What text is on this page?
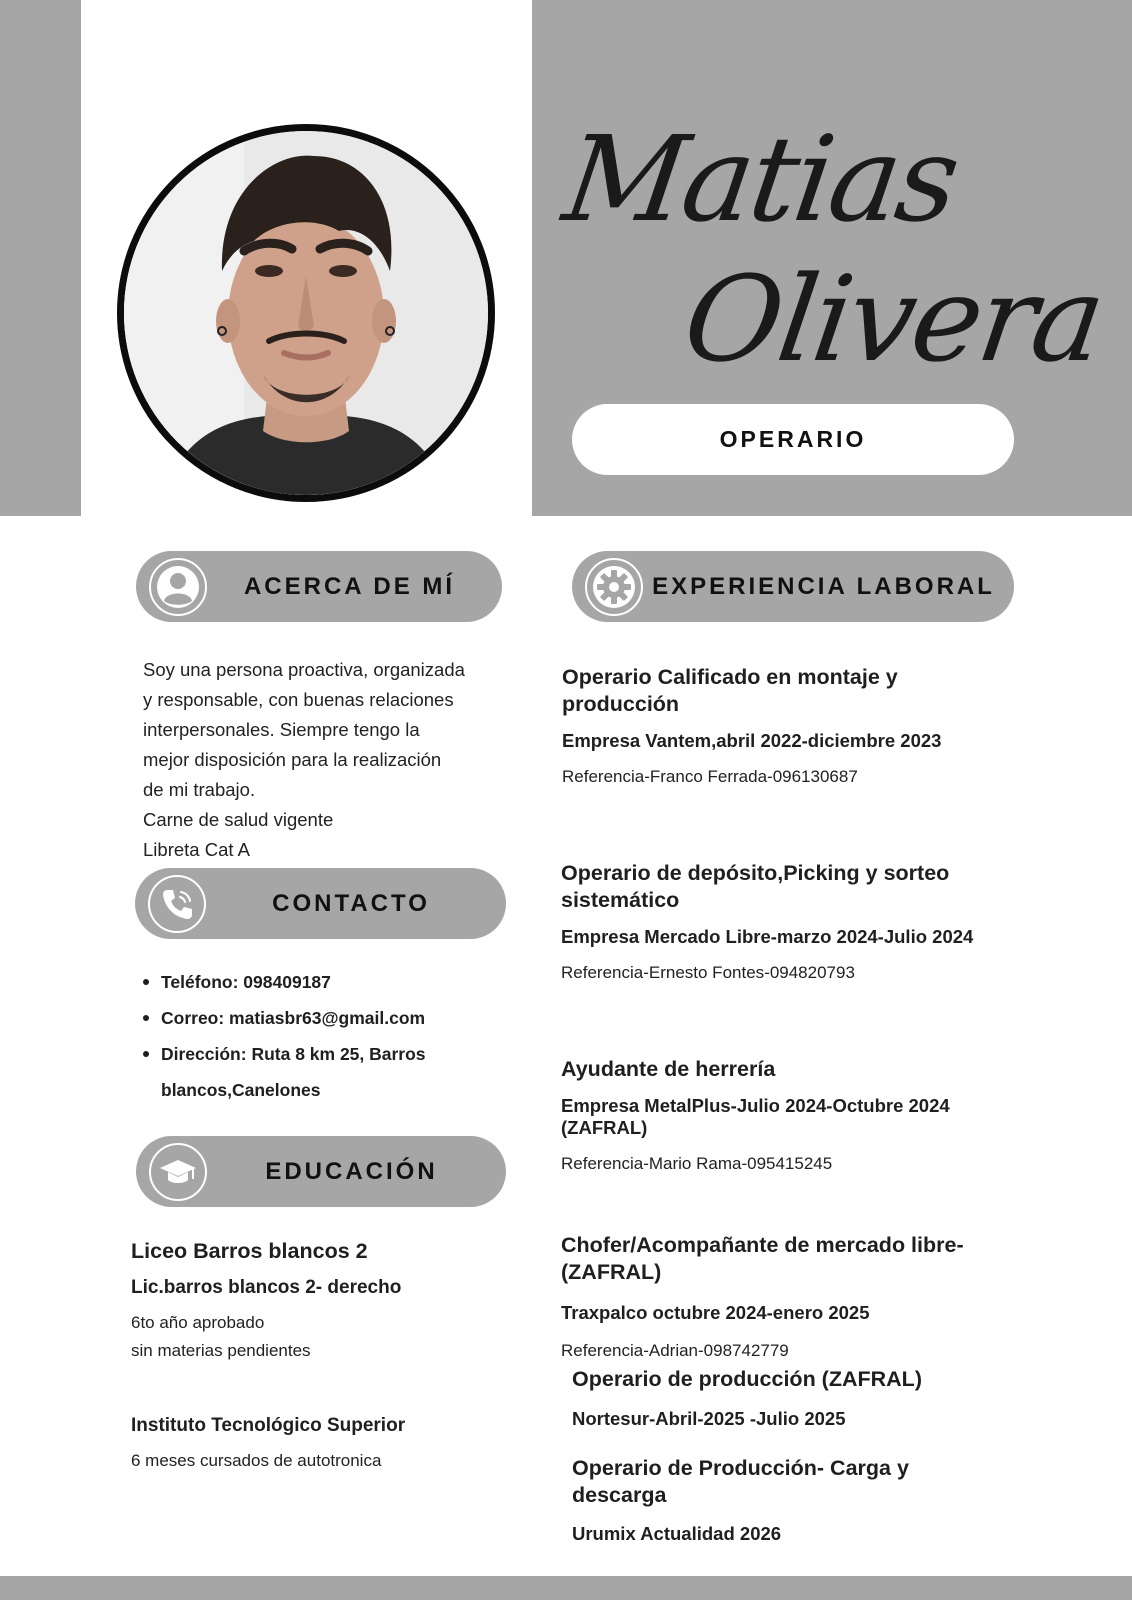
Matias
Olivera
OPERARIO
ACERCA DE MÍ

Soy una persona proactiva, organizada

y responsable, con buenas relaciones

interpersonales. Siempre tengo la

mejor disposición para la realización

de mi trabajo.

Carne de salud vigente

Libreta Cat A

CONTACTO
Teléfono: 098409187
Correo: matiasbr63@gmail.com
Dirección: Ruta 8 km 25, Barros
blancos,Canelones
EDUCACIÓN
Liceo Barros blancos 2
Lic.barros blancos 2- derecho
6to año aprobado
sin materias pendientes
Instituto Tecnológico Superior
6 meses cursados de autotronica
EXPERIENCIA LABORAL
Operario Calificado en montaje y producción
Empresa Vantem,abril 2022-diciembre 2023
Referencia-Franco Ferrada-096130687
Operario de depósito,Picking y sorteo sistemático
Empresa Mercado Libre-marzo 2024-Julio 2024
Referencia-Ernesto Fontes-094820793
Ayudante de herrería
Empresa MetalPlus-Julio 2024-Octubre 2024 (ZAFRAL)
Referencia-Mario Rama-095415245
Chofer/Acompañante de mercado libre- (ZAFRAL)
Traxpalco octubre 2024-enero 2025
Referencia-Adrian-098742779
Operario de producción (ZAFRAL)
Nortesur-Abril-2025 -Julio 2025
Operario de Producción- Carga y descarga
Urumix Actualidad 2026
